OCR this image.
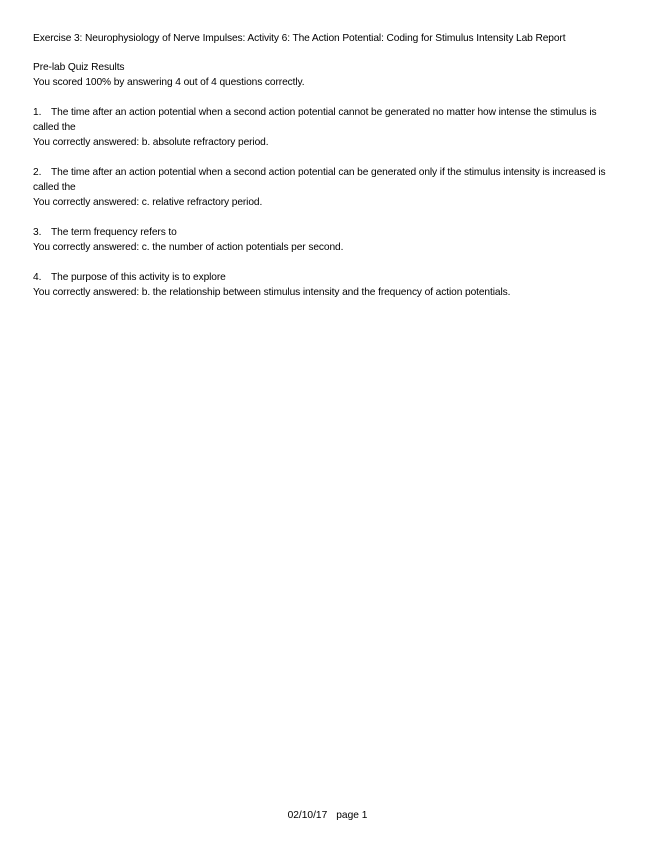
Exercise 3: Neurophysiology of Nerve Impulses: Activity 6: The Action Potential: Coding for Stimulus Intensity Lab Report
Pre-lab Quiz Results
You scored 100% by answering 4 out of 4 questions correctly.
1. The time after an action potential when a second action potential cannot be generated no matter how intense the stimulus is called the
You correctly answered: b. absolute refractory period.
2. The time after an action potential when a second action potential can be generated only if the stimulus intensity is increased is called the
You correctly answered: c. relative refractory period.
3. The term frequency refers to
You correctly answered: c. the number of action potentials per second.
4. The purpose of this activity is to explore
You correctly answered: b. the relationship between stimulus intensity and the frequency of action potentials.
02/10/17 page 1
